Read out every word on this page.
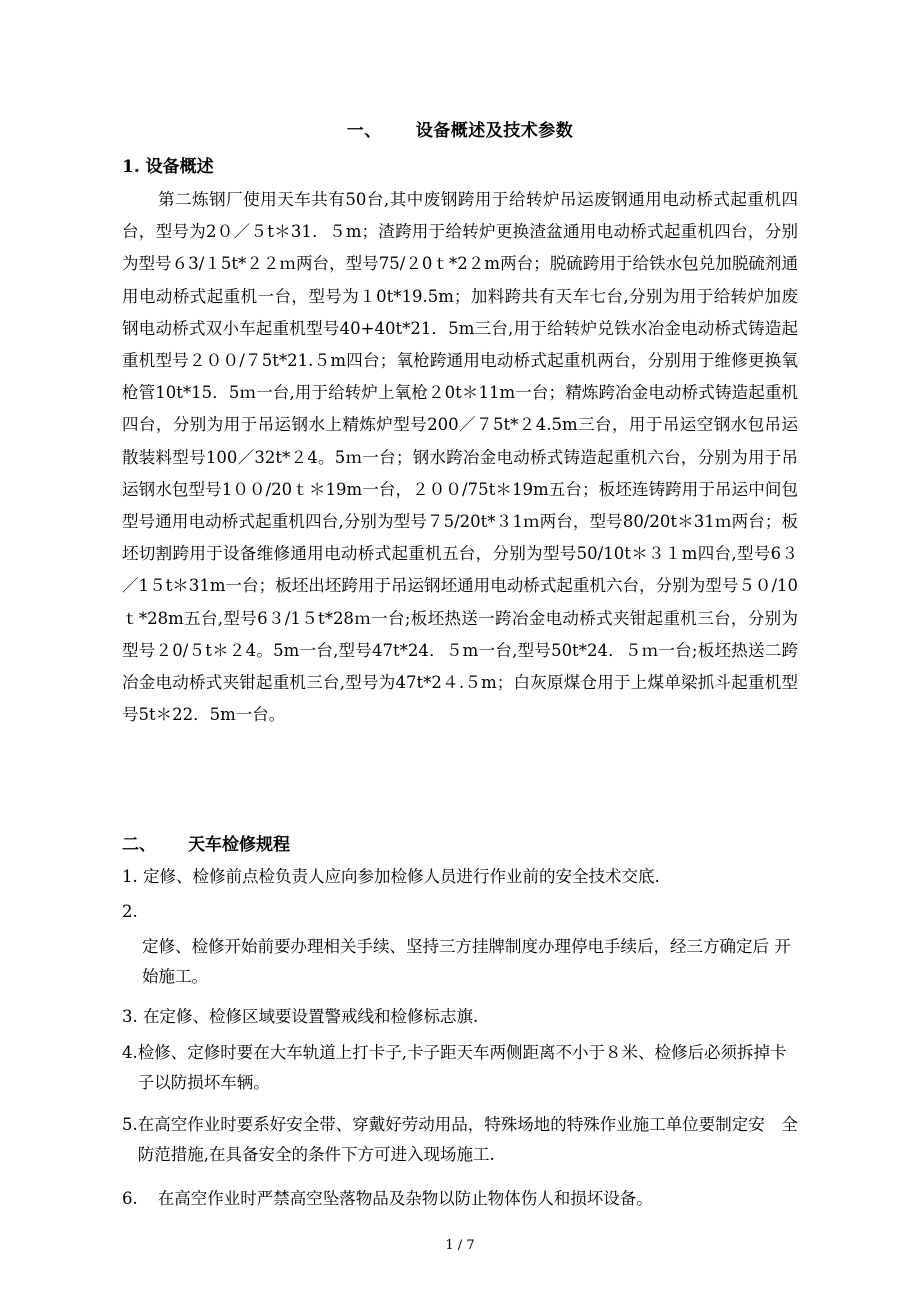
一、 设备概述及技术参数
1. 设备概述
第二炼钢厂使用天车共有50台,其中废钢跨用于给转炉吊运废钢通用电动桥式起重机四台，型号为2０／５t＊31．５m；渣跨用于给转炉更换渣盆通用电动桥式起重机四台，分别为型号６3/１5t*２２ｍ两台，型号75/２0ｔ*2２m两台；脱硫跨用于给铁水包兑加脱硫剂通用电动桥式起重机一台，型号为１0t*19.5m；加料跨共有天车七台,分别为用于给转炉加废钢电动桥式双小车起重机型号40+40t*21．5m三台,用于给转炉兑铁水冶金电动桥式铸造起重机型号２００/７5t*21.５m四台；氧枪跨通用电动桥式起重机两台，分别用于维修更换氧枪管10t*15．5ｍ一台,用于给转炉上氧枪２0t＊11m一台；精炼跨冶金电动桥式铸造起重机四台，分别为用于吊运钢水上精炼炉型号200／７5t*２4.5m三台，用于吊运空钢水包吊运散装料型号100／32t*２4。5ｍ一台；钢水跨冶金电动桥式铸造起重机六台，分别为用于吊运钢水包型号1００/20ｔ＊19m一台，２００/75t＊19m五台；板坯连铸跨用于吊运中间包型号通用电动桥式起重机四台,分别为型号７5/20t*３1ｍ两台，型号80/20t＊31ｍ两台；板坯切割跨用于设备维修通用电动桥式起重机五台，分别为型号50/10t＊３１m四台,型号6３／1５t＊31m一台；板坯出坯跨用于吊运钢坯通用电动桥式起重机六台，分别为型号５０/10ｔ*28m五台,型号6３/1５t*28ｍ一台;板坯热送一跨冶金电动桥式夹钳起重机三台，分别为型号２0/５t＊２4。5m一台,型号47t*24．５m一台,型号50t*24．５ｍ一台;板坯热送二跨冶金电动桥式夹钳起重机三台,型号为47t*2４.５m；白灰原煤仓用于上煤单梁抓斗起重机型号5t＊22．5m一台。
二、 天车检修规程
1. 定修、检修前点检负责人应向参加检修人员进行作业前的安全技术交底.
2.
定修、检修开始前要办理相关手续、坚持三方挂牌制度办理停电手续后，经三方确定后 开始施工。
3. 在定修、检修区域要设置警戒线和检修标志旗.
4. 检修、定修时要在大车轨道上打卡子,卡子距天车两侧距离不小于８米、检修后必须拆掉卡子以防损坏车辆。
5. 在高空作业时要系好安全带、穿戴好劳动用品，特殊场地的特殊作业施工单位要制定安　全防范措施,在具备安全的条件下方可进入现场施工.
6. 在高空作业时严禁高空坠落物品及杂物以防止物体伤人和损坏设备。
1 / 7
